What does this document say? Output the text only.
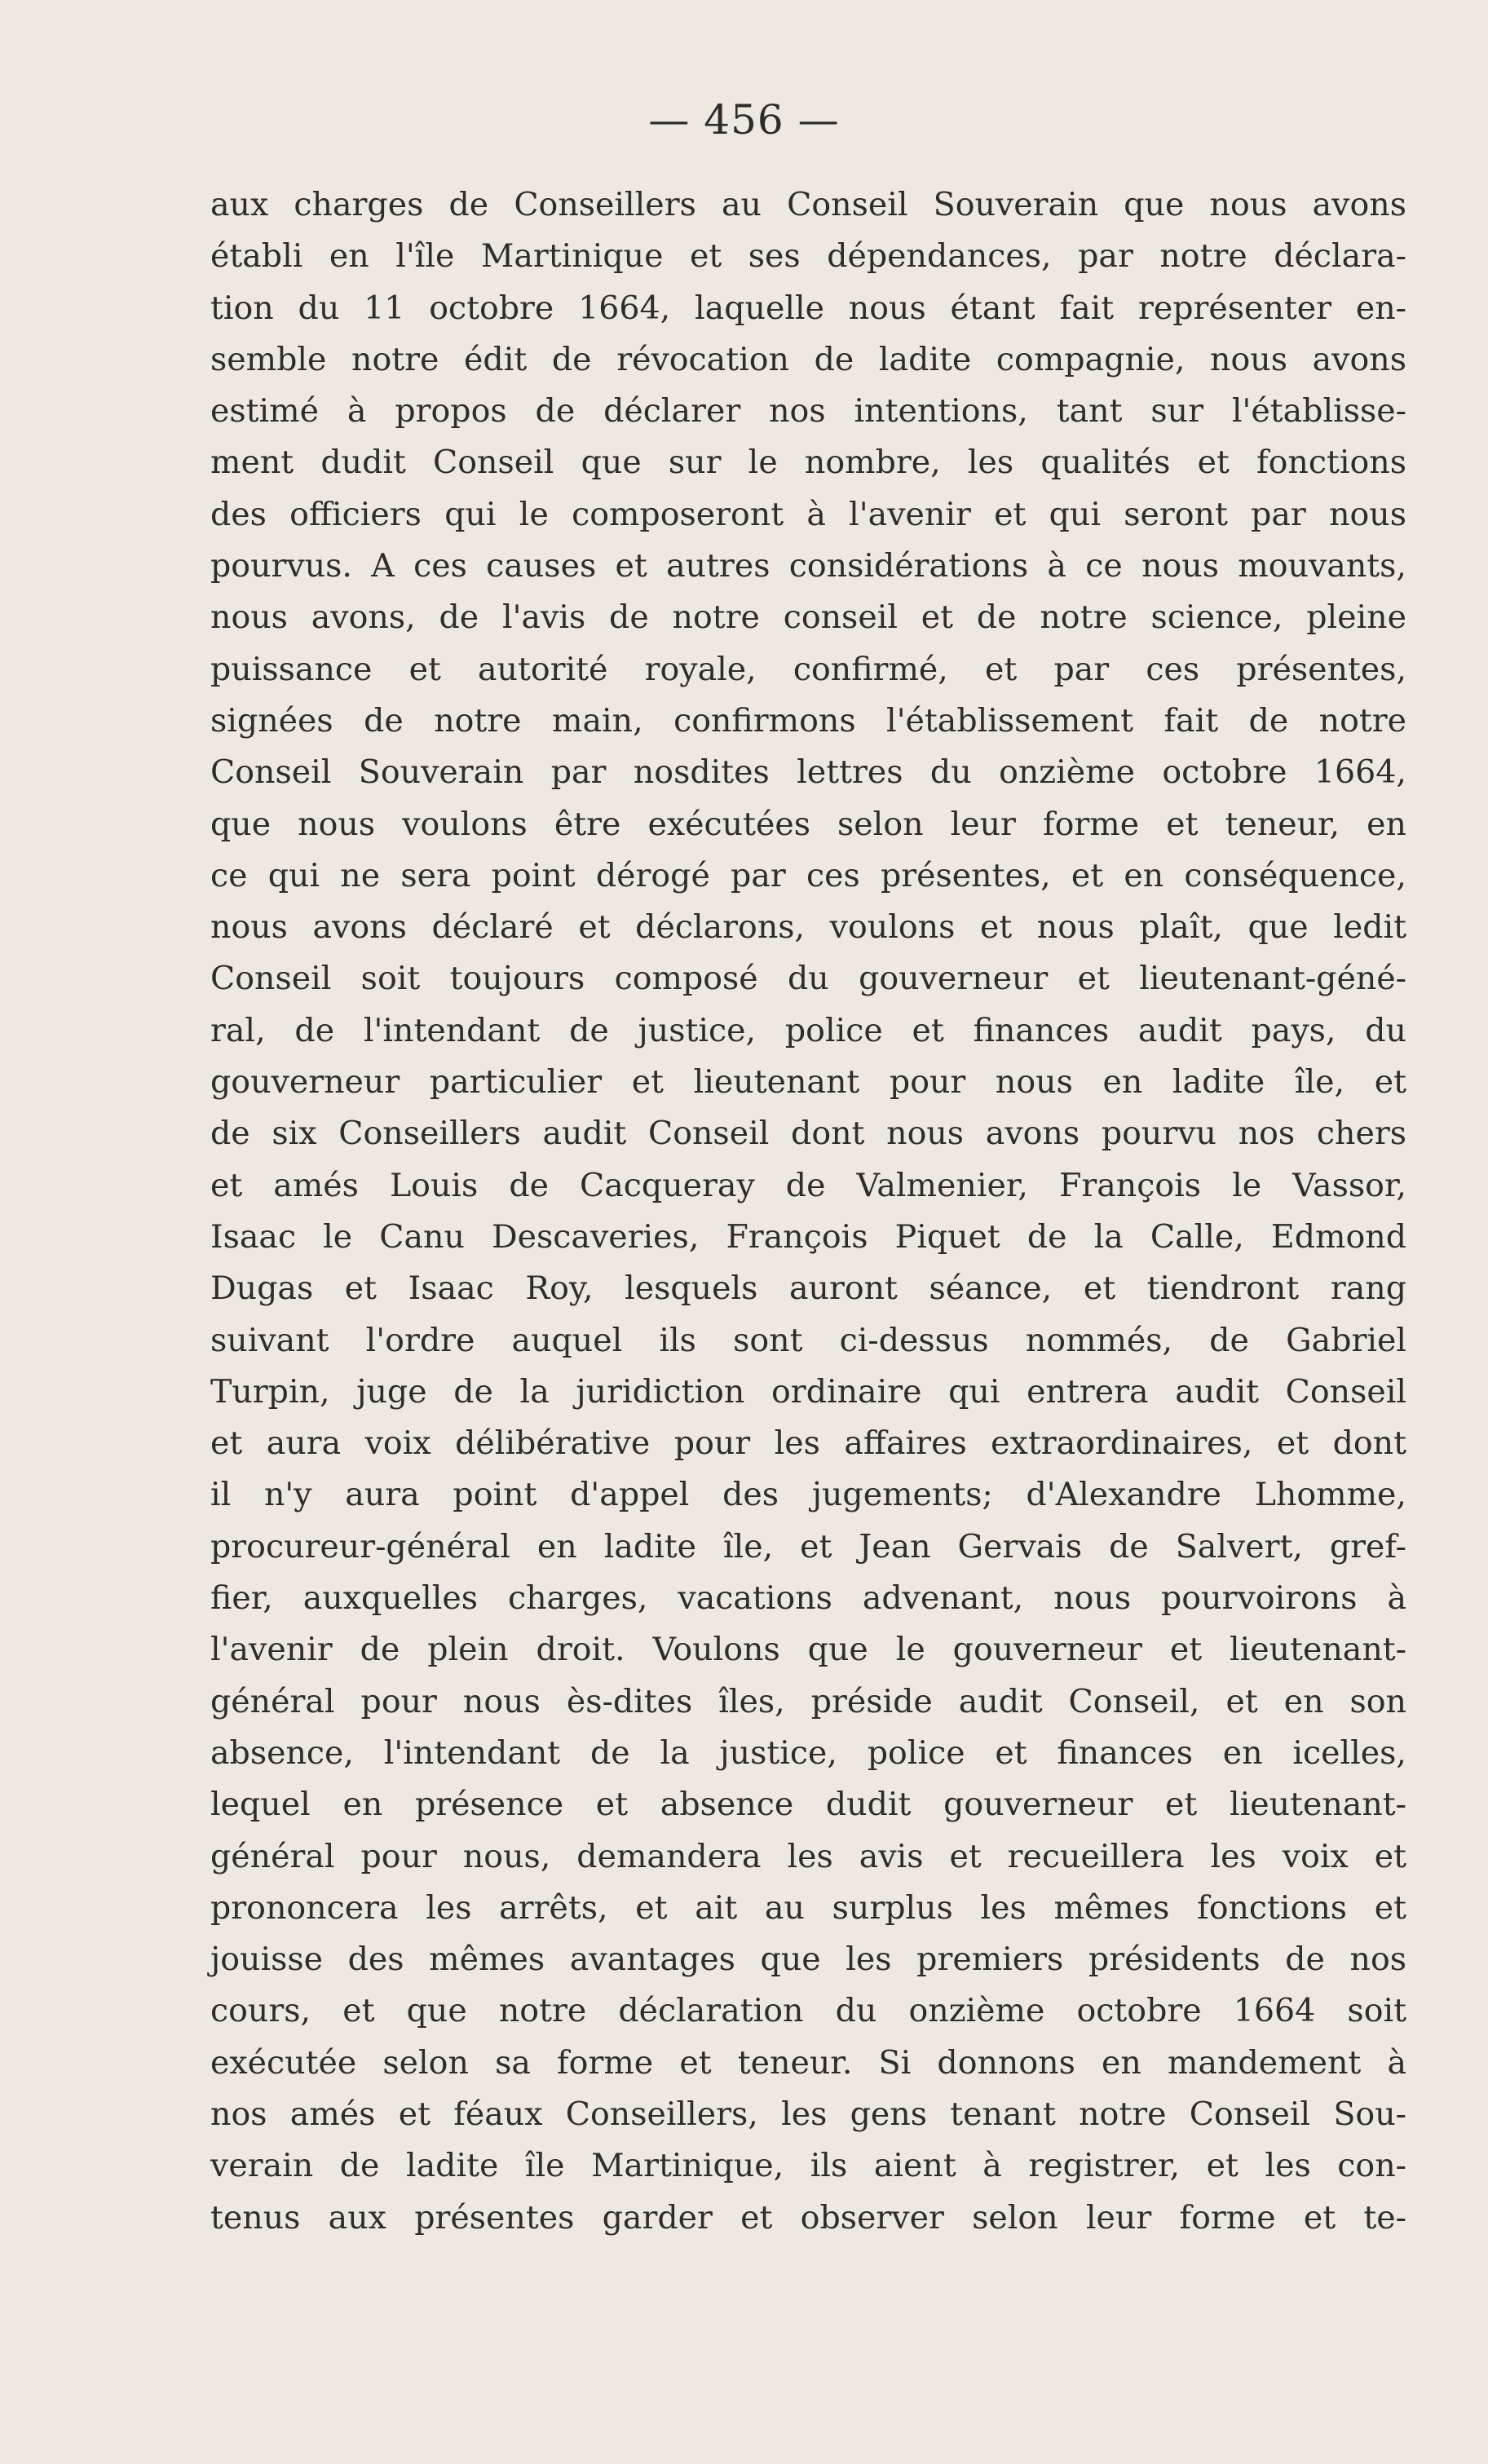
— 456 —
aux charges de Conseillers au Conseil Souverain que nous avons
établi en l'île Martinique et ses dépendances, par notre déclara-
tion du 11 octobre 1664, laquelle nous étant fait représenter en-
semble notre édit de révocation de ladite compagnie, nous avons
estimé à propos de déclarer nos intentions, tant sur l'établisse-
ment dudit Conseil que sur le nombre, les qualités et fonctions
des officiers qui le composeront à l'avenir et qui seront par nous
pourvus. A ces causes et autres considérations à ce nous mouvants,
nous avons, de l'avis de notre conseil et de notre science, pleine
puissance et autorité royale, confirmé, et par ces présentes,
signées de notre main, confirmons l'établissement fait de notre
Conseil Souverain par nosdites lettres du onzième octobre 1664,
que nous voulons être exécutées selon leur forme et teneur, en
ce qui ne sera point dérogé par ces présentes, et en conséquence,
nous avons déclaré et déclarons, voulons et nous plaît, que ledit
Conseil soit toujours composé du gouverneur et lieutenant-géné-
ral, de l'intendant de justice, police et finances audit pays, du
gouverneur particulier et lieutenant pour nous en ladite île, et
de six Conseillers audit Conseil dont nous avons pourvu nos chers
et amés Louis de Cacqueray de Valmenier, François le Vassor,
Isaac le Canu Descaveries, François Piquet de la Calle, Edmond
Dugas et Isaac Roy, lesquels auront séance, et tiendront rang
suivant l'ordre auquel ils sont ci-dessus nommés, de Gabriel
Turpin, juge de la juridiction ordinaire qui entrera audit Conseil
et aura voix délibérative pour les affaires extraordinaires, et dont
il n'y aura point d'appel des jugements; d'Alexandre Lhomme,
procureur-général en ladite île, et Jean Gervais de Salvert, gref-
fier, auxquelles charges, vacations advenant, nous pourvoirons à
l'avenir de plein droit. Voulons que le gouverneur et lieutenant-
général pour nous ès-dites îles, préside audit Conseil, et en son
absence, l'intendant de la justice, police et finances en icelles,
lequel en présence et absence dudit gouverneur et lieutenant-
général pour nous, demandera les avis et recueillera les voix et
prononcera les arrêts, et ait au surplus les mêmes fonctions et
jouisse des mêmes avantages que les premiers présidents de nos
cours, et que notre déclaration du onzième octobre 1664 soit
exécutée selon sa forme et teneur. Si donnons en mandement à
nos amés et féaux Conseillers, les gens tenant notre Conseil Sou-
verain de ladite île Martinique, ils aient à registrer, et les con-
tenus aux présentes garder et observer selon leur forme et te-
